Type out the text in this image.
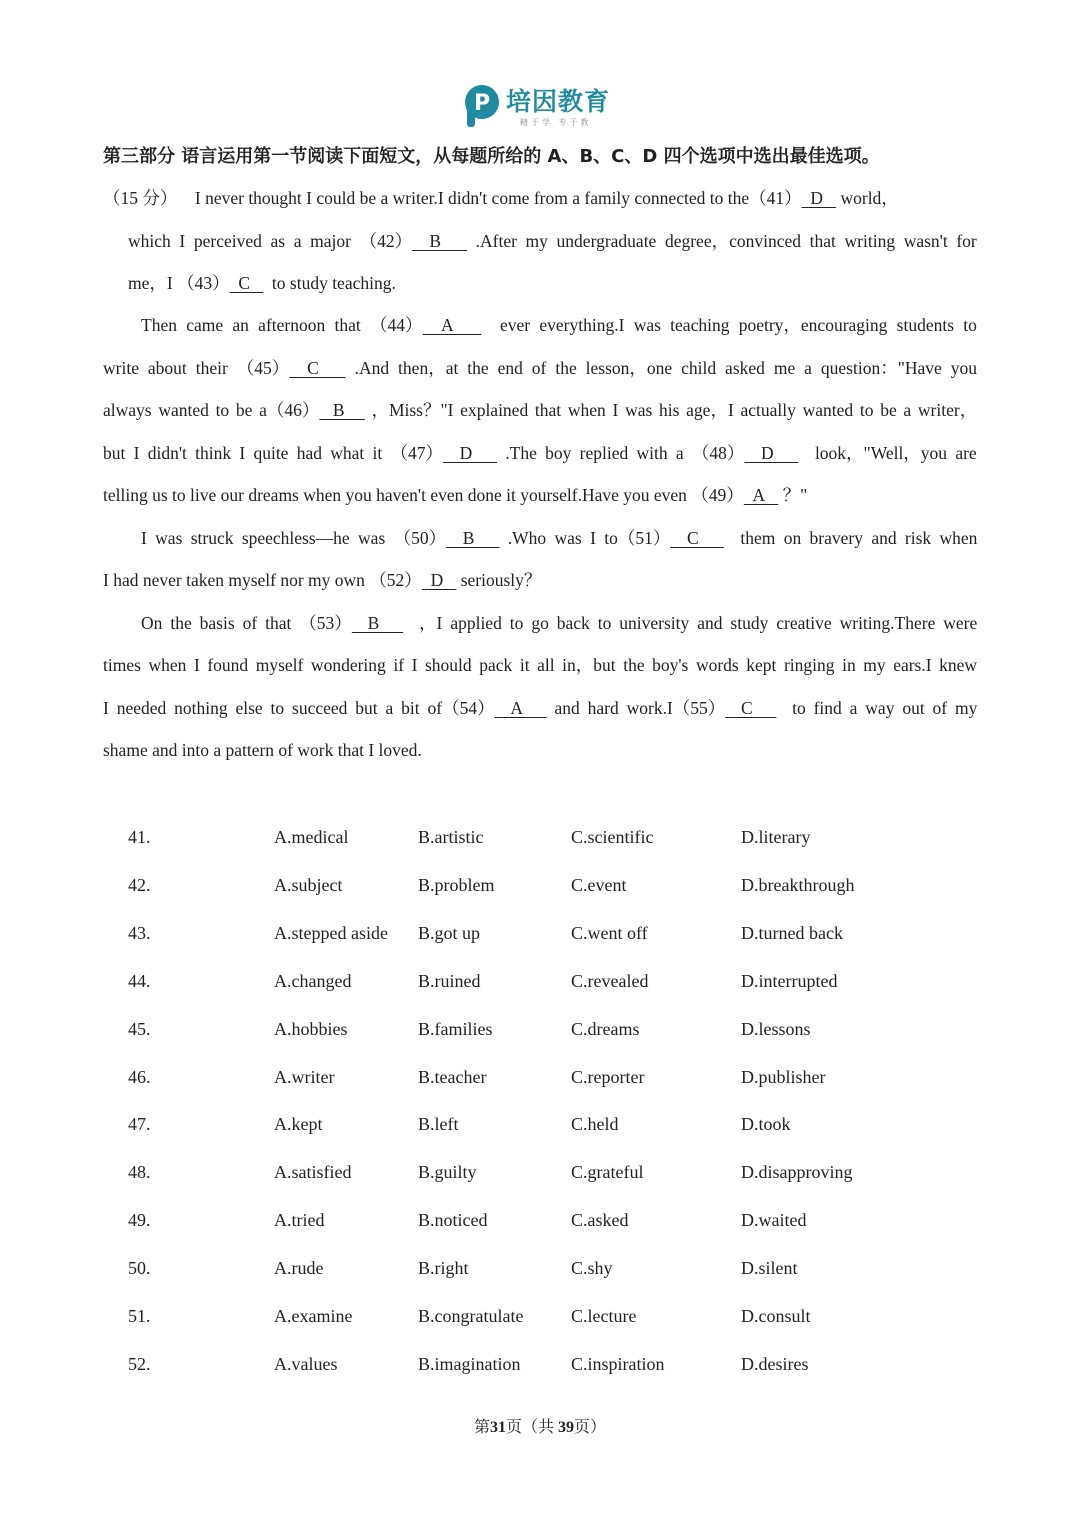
P 培因教育
精于学 专于教
第三部分 语言运用第一节阅读下面短文，从每题所给的 A、B、C、D 四个选项中选出最佳选项。
（15 分）    I never thought I could be a writer.I didn't come from a family connected to the（41）  D    world，
which I perceived as a major （42）  B    .After my undergraduate degree，convinced that writing wasn't for
me，I （43）  C     to study teaching.
Then came an afternoon that （44）  A     ever everything.I was teaching poetry，encouraging students to
write about their （45）  C    .And then，at the end of the lesson，one child asked me a question："Have you
always wanted to be a（46）  B    ，Miss？"I explained that when I was his age，I actually wanted to be a writer，
but I didn't think I quite had what it （47）  D    .The boy replied with a （48）  D     look，"Well，you are
telling us to live our dreams when you haven't even done it yourself.Have you even （49）  A    ？"
I was struck speechless—he was （50）  B    .Who was I to（51）  C     them on bravery and risk when
I had never taken myself nor my own （52）  D    seriously？
On the basis of that （53）  B     ，I applied to go back to university and study creative writing.There were
times when I found myself wondering if I should pack it all in，but the boy's words kept ringing in my ears.I knew
I needed nothing else to succeed but a bit of（54）  A    and hard work.I（55）  C     to find a way out of my
shame and into a pattern of work that I loved.
41.	A.medical	B.artistic	C.scientific	D.literary
42.	A.subject	B.problem	C.event	D.breakthrough
43.	A.stepped aside B.got up	C.went off	D.turned back
44.	A.changed	B.ruined	C.revealed	D.interrupted
45.	A.hobbies	B.families	C.dreams	D.lessons
46.	A.writer	B.teacher	C.reporter	D.publisher
47.	A.kept	B.left	C.held	D.took
48.	A.satisfied	B.guilty	C.grateful	D.disapproving
49.	A.tried	B.noticed	C.asked	D.waited
50.	A.rude	B.right	C.shy	D.silent
51.	A.examine	B.congratulate	C.lecture	D.consult
52.	A.values	B.imagination	C.inspiration	D.desires
第31页（共 39页）
